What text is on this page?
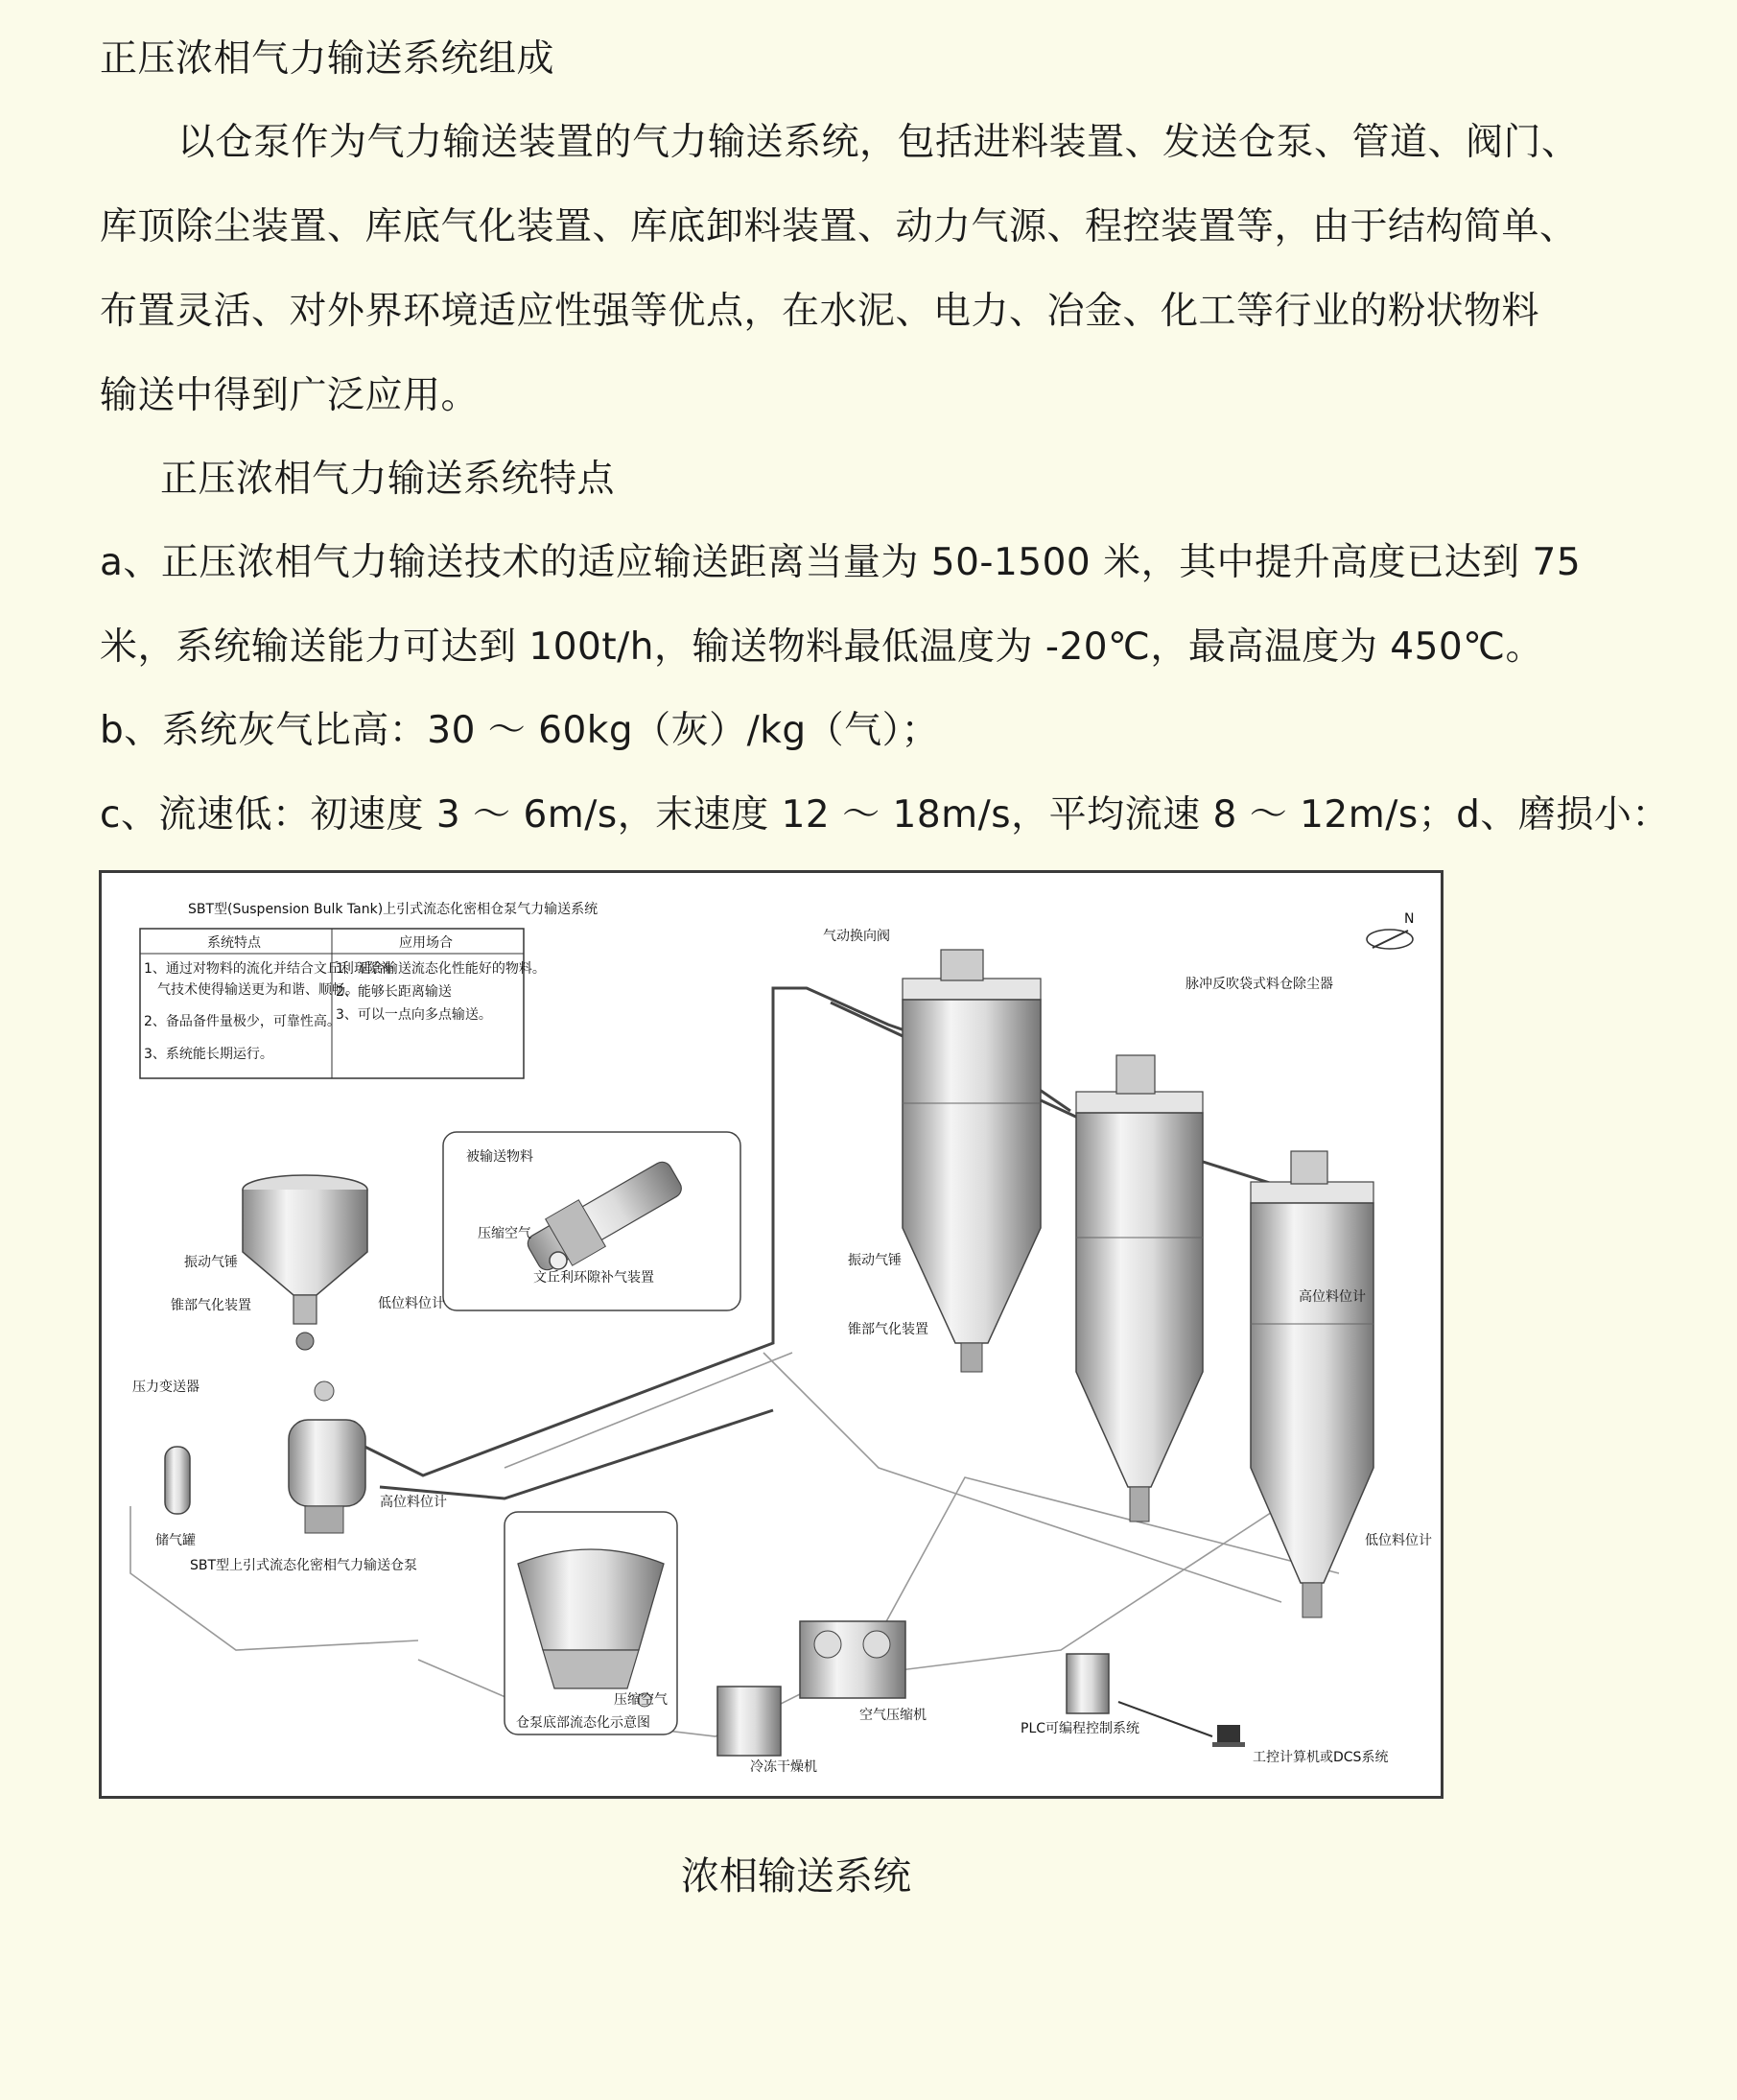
正压浓相气力输送系统组成
以仓泵作为气力输送装置的气力输送系统，包括进料装置、发送仓泵、管道、阀门、
库顶除尘装置、库底气化装置、库底卸料装置、动力气源、程控装置等，由于结构简单、
布置灵活、对外界环境适应性强等优点，在水泥、电力、冶金、化工等行业的粉状物料
输送中得到广泛应用。
正压浓相气力输送系统特点
a、正压浓相气力输送技术的适应输送距离当量为 50-1500 米，其中提升高度已达到 75
米，系统输送能力可达到 100t/h，输送物料最低温度为 -20℃，最高温度为 450℃。
b、系统灰气比高：30 ～ 60kg（灰）/kg（气）；
c、流速低：初速度 3 ～ 6m/s，末速度 12 ～ 18m/s，平均流速 8 ～ 12m/s；d、磨损小：
SBT型(Suspension Bulk Tank)上引式流态化密相仓泵气力输送系统
系统特点	应用场合
1、通过对物料的流化并结合文丘利环隙补
　气技术使得输送更为和谐、顺畅。
2、备品备件量极少，可靠性高。
3、系统能长期运行。
1、适合输送流态化性能好的物料。
2、能够长距离输送
3、可以一点向多点输送。
N
被输送物料
压缩空气
文丘利环隙补气装置
振动气锤
锥部气化装置	低位料位计
压力变送器
高位料位计
储气罐
SBT型上引式流态化密相气力输送仓泵
压缩空气
仓泵底部流态化示意图
气动换向阀
脉冲反吹袋式料仓除尘器
振动气锤
锥部气化装置
高位料位计
低位料位计
空气压缩机
冷冻干燥机
PLC可编程控制系统
工控计算机或DCS系统
浓相输送系统
